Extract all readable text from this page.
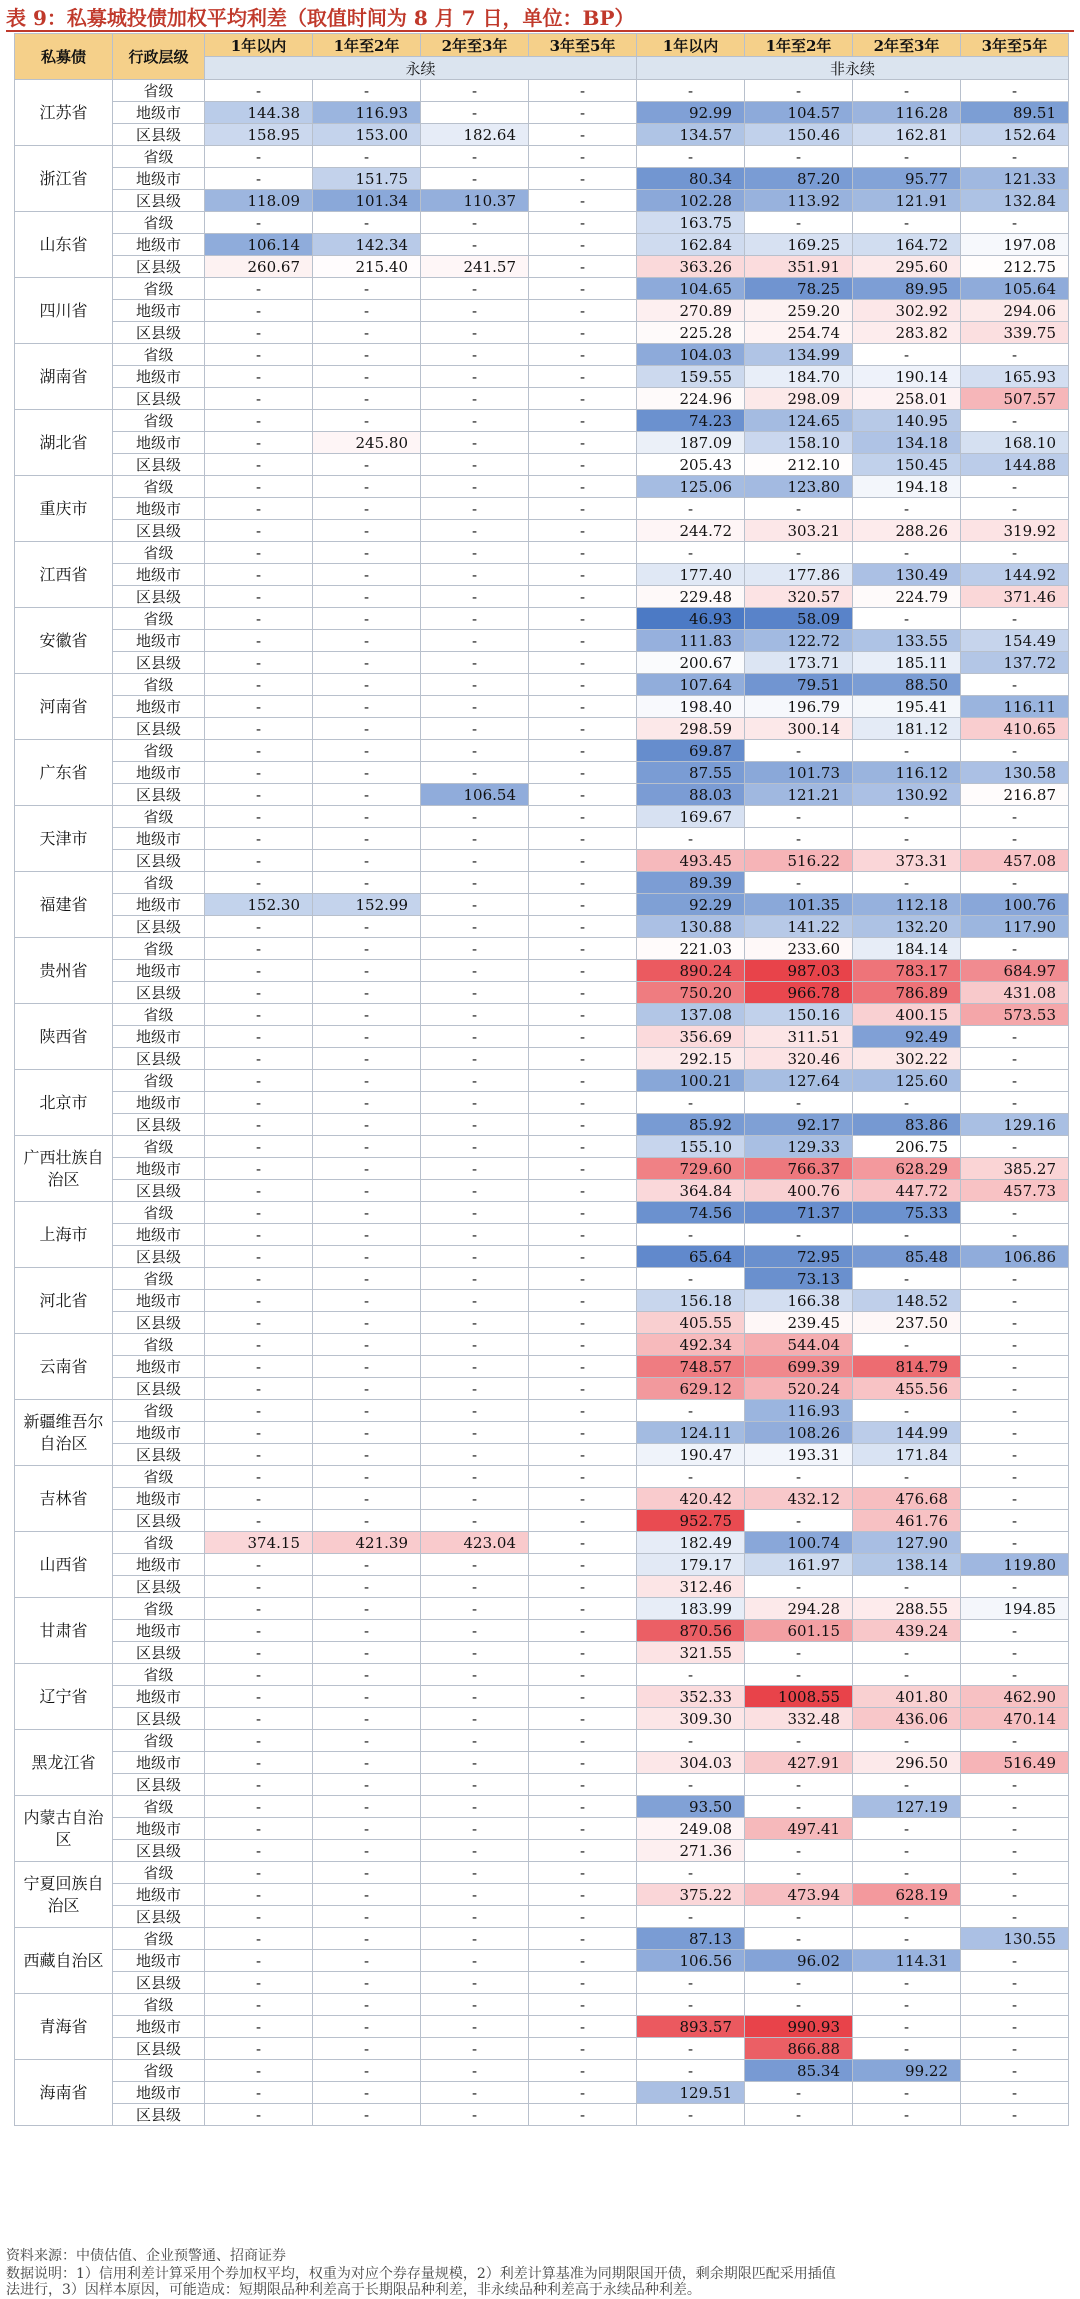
表 9：私募城投债加权平均利差（取值时间为 8 月 7 日，单位：BP）
私募债	行政层级	1年以内	1年至2年	2年至3年	3年至5年	1年以内	1年至2年	2年至3年	3年至5年
		永续				非永续			
江苏省	省级	-	-	-	-	-	-	-	-
	地级市	144.38	116.93	-	-	92.99	104.57	116.28	89.51
	区县级	158.95	153.00	182.64	-	134.57	150.46	162.81	152.64
浙江省	省级	-	-	-	-	-	-	-	-
	地级市	-	151.75	-	-	80.34	87.20	95.77	121.33
	区县级	118.09	101.34	110.37	-	102.28	113.92	121.91	132.84
山东省	省级	-	-	-	-	163.75	-	-	-
	地级市	106.14	142.34	-	-	162.84	169.25	164.72	197.08
	区县级	260.67	215.40	241.57	-	363.26	351.91	295.60	212.75
四川省	省级	-	-	-	-	104.65	78.25	89.95	105.64
	地级市	-	-	-	-	270.89	259.20	302.92	294.06
	区县级	-	-	-	-	225.28	254.74	283.82	339.75
湖南省	省级	-	-	-	-	104.03	134.99	-	-
	地级市	-	-	-	-	159.55	184.70	190.14	165.93
	区县级	-	-	-	-	224.96	298.09	258.01	507.57
湖北省	省级	-	-	-	-	74.23	124.65	140.95	-
	地级市	-	245.80	-	-	187.09	158.10	134.18	168.10
	区县级	-	-	-	-	205.43	212.10	150.45	144.88
重庆市	省级	-	-	-	-	125.06	123.80	194.18	-
	地级市	-	-	-	-	-	-	-	-
	区县级	-	-	-	-	244.72	303.21	288.26	319.92
江西省	省级	-	-	-	-	-	-	-	-
	地级市	-	-	-	-	177.40	177.86	130.49	144.92
	区县级	-	-	-	-	229.48	320.57	224.79	371.46
安徽省	省级	-	-	-	-	46.93	58.09	-	-
	地级市	-	-	-	-	111.83	122.72	133.55	154.49
	区县级	-	-	-	-	200.67	173.71	185.11	137.72
河南省	省级	-	-	-	-	107.64	79.51	88.50	-
	地级市	-	-	-	-	198.40	196.79	195.41	116.11
	区县级	-	-	-	-	298.59	300.14	181.12	410.65
广东省	省级	-	-	-	-	69.87	-	-	-
	地级市	-	-	-	-	87.55	101.73	116.12	130.58
	区县级	-	-	106.54	-	88.03	121.21	130.92	216.87
天津市	省级	-	-	-	-	169.67	-	-	-
	地级市	-	-	-	-	-	-	-	-
	区县级	-	-	-	-	493.45	516.22	373.31	457.08
福建省	省级	-	-	-	-	89.39	-	-	-
	地级市	152.30	152.99	-	-	92.29	101.35	112.18	100.76
	区县级	-	-	-	-	130.88	141.22	132.20	117.90
贵州省	省级	-	-	-	-	221.03	233.60	184.14	-
	地级市	-	-	-	-	890.24	987.03	783.17	684.97
	区县级	-	-	-	-	750.20	966.78	786.89	431.08
陕西省	省级	-	-	-	-	137.08	150.16	400.15	573.53
	地级市	-	-	-	-	356.69	311.51	92.49	-
	区县级	-	-	-	-	292.15	320.46	302.22	-
北京市	省级	-	-	-	-	100.21	127.64	125.60	-
	地级市	-	-	-	-	-	-	-	-
	区县级	-	-	-	-	85.92	92.17	83.86	129.16
广西壮族自治区	省级	-	-	-	-	155.10	129.33	206.75	-
	地级市	-	-	-	-	729.60	766.37	628.29	385.27
	区县级	-	-	-	-	364.84	400.76	447.72	457.73
上海市	省级	-	-	-	-	74.56	71.37	75.33	-
	地级市	-	-	-	-	-	-	-	-
	区县级	-	-	-	-	65.64	72.95	85.48	106.86
河北省	省级	-	-	-	-	-	73.13	-	-
	地级市	-	-	-	-	156.18	166.38	148.52	-
	区县级	-	-	-	-	405.55	239.45	237.50	-
云南省	省级	-	-	-	-	492.34	544.04	-	-
	地级市	-	-	-	-	748.57	699.39	814.79	-
	区县级	-	-	-	-	629.12	520.24	455.56	-
新疆维吾尔自治区	省级	-	-	-	-	-	116.93	-	-
	地级市	-	-	-	-	124.11	108.26	144.99	-
	区县级	-	-	-	-	190.47	193.31	171.84	-
吉林省	省级	-	-	-	-	-	-	-	-
	地级市	-	-	-	-	420.42	432.12	476.68	-
	区县级	-	-	-	-	952.75	-	461.76	-
山西省	省级	374.15	421.39	423.04	-	182.49	100.74	127.90	-
	地级市	-	-	-	-	179.17	161.97	138.14	119.80
	区县级	-	-	-	-	312.46	-	-	-
甘肃省	省级	-	-	-	-	183.99	294.28	288.55	194.85
	地级市	-	-	-	-	870.56	601.15	439.24	-
	区县级	-	-	-	-	321.55	-	-	-
辽宁省	省级	-	-	-	-	-	-	-	-
	地级市	-	-	-	-	352.33	1008.55	401.80	462.90
	区县级	-	-	-	-	309.30	332.48	436.06	470.14
黑龙江省	省级	-	-	-	-	-	-	-	-
	地级市	-	-	-	-	304.03	427.91	296.50	516.49
	区县级	-	-	-	-	-	-	-	-
内蒙古自治区	省级	-	-	-	-	93.50	-	127.19	-
	地级市	-	-	-	-	249.08	497.41	-	-
	区县级	-	-	-	-	271.36	-	-	-
宁夏回族自治区	省级	-	-	-	-	-	-	-	-
	地级市	-	-	-	-	375.22	473.94	628.19	-
	区县级	-	-	-	-	-	-	-	-
西藏自治区	省级	-	-	-	-	87.13	-	-	130.55
	地级市	-	-	-	-	106.56	96.02	114.31	-
	区县级	-	-	-	-	-	-	-	-
青海省	省级	-	-	-	-	-	-	-	-
	地级市	-	-	-	-	893.57	990.93	-	-
	区县级	-	-	-	-	-	866.88	-	-
海南省	省级	-	-	-	-	-	85.34	99.22	-
	地级市	-	-	-	-	129.51	-	-	-
	区县级	-	-	-	-	-	-	-	-
资料来源：中债估值、企业预警通、招商证券
数据说明：1）信用利差计算采用个券加权平均，权重为对应个券存量规模，2）利差计算基准为同期限国开债，剩余期限匹配采用插值
法进行，3）因样本原因，可能造成：短期限品种利差高于长期限品种利差，非永续品种利差高于永续品种利差。
